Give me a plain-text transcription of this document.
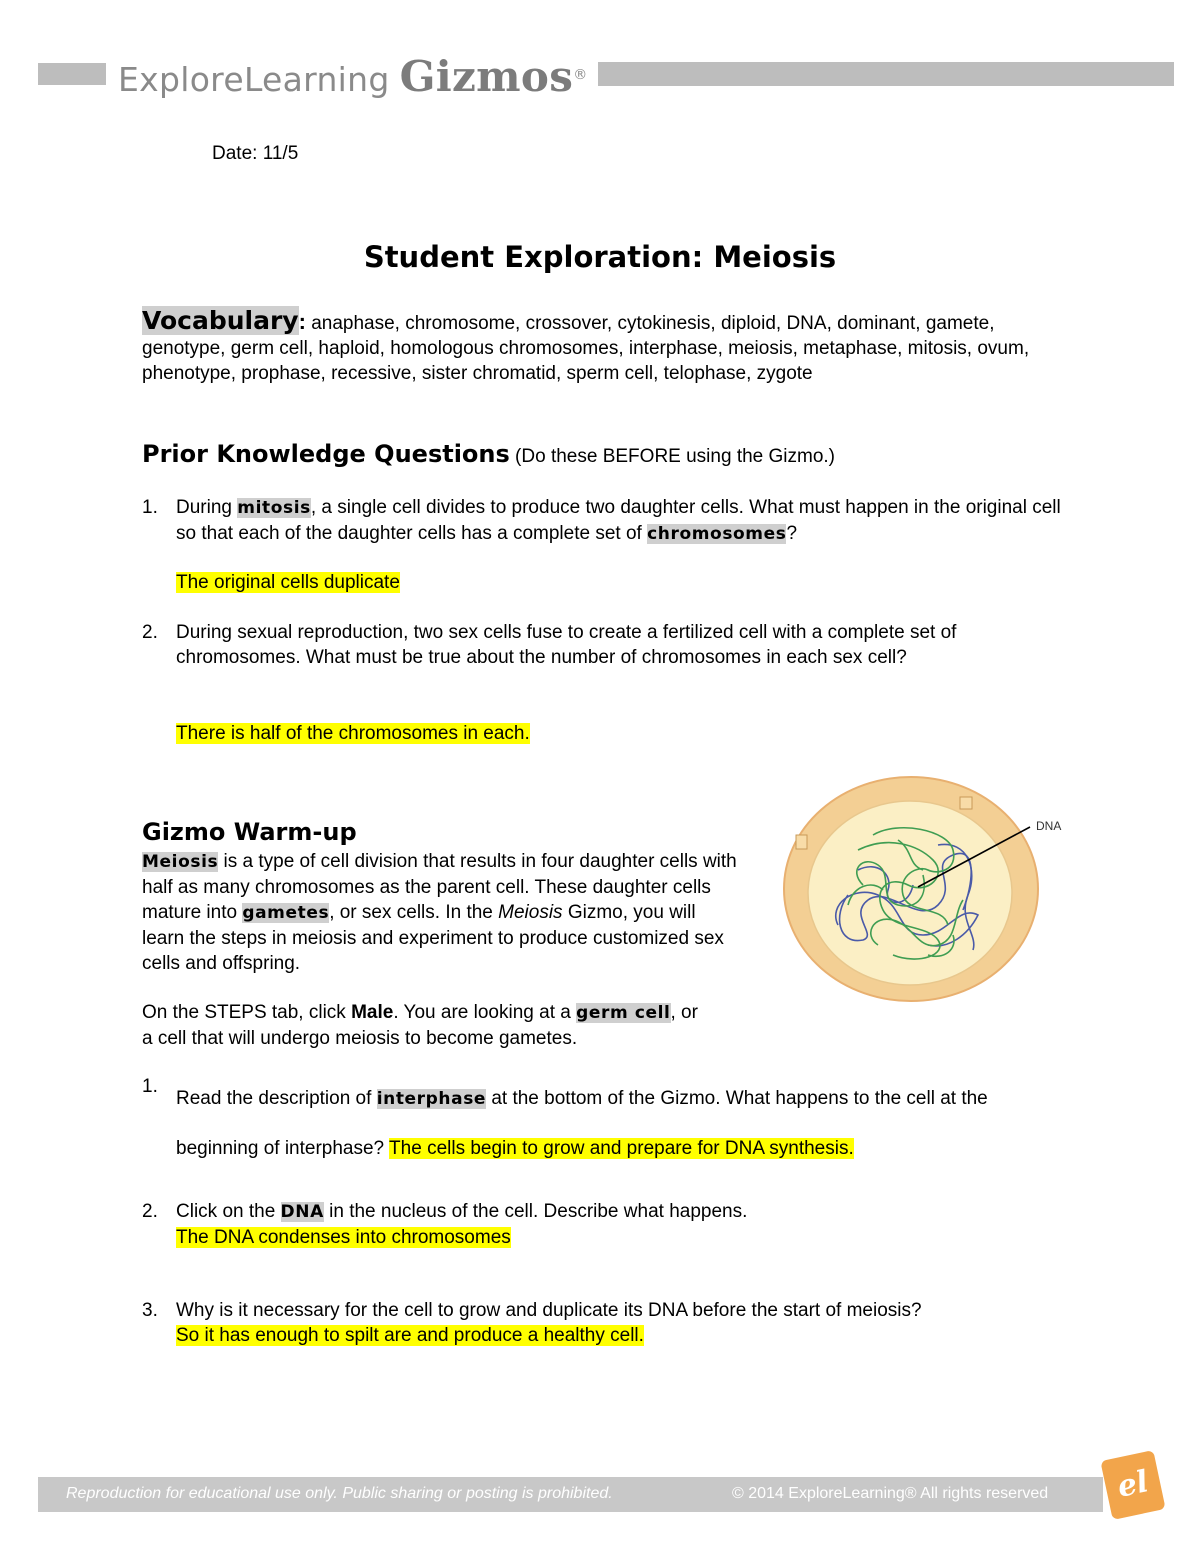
ExploreLearning Gizmos®
Date: 11/5
Student Exploration: Meiosis
Vocabulary: anaphase, chromosome, crossover, cytokinesis, diploid, DNA, dominant, gamete, genotype, germ cell, haploid, homologous chromosomes, interphase, meiosis, metaphase, mitosis, ovum, phenotype, prophase, recessive, sister chromatid, sperm cell, telophase, zygote
Prior Knowledge Questions (Do these BEFORE using the Gizmo.)
1. During mitosis, a single cell divides to produce two daughter cells. What must happen in the original cell so that each of the daughter cells has a complete set of chromosomes?
The original cells duplicate
2. During sexual reproduction, two sex cells fuse to create a fertilized cell with a complete set of chromosomes. What must be true about the number of chromosomes in each sex cell?
There is half of the chromosomes in each.
Gizmo Warm-up
Meiosis is a type of cell division that results in four daughter cells with half as many chromosomes as the parent cell. These daughter cells mature into gametes, or sex cells. In the Meiosis Gizmo, you will learn the steps in meiosis and experiment to produce customized sex cells and offspring.
On the STEPS tab, click Male. You are looking at a germ cell, or a cell that will undergo meiosis to become gametes.
DNA
1.
Read the description of interphase at the bottom of the Gizmo. What happens to the cell at the beginning of interphase? The cells begin to grow and prepare for DNA synthesis.
2. Click on the DNA in the nucleus of the cell. Describe what happens.
The DNA condenses into chromosomes
3. Why is it necessary for the cell to grow and duplicate its DNA before the start of meiosis?
So it has enough to spilt are and produce a healthy cell.
Reproduction for educational use only. Public sharing or posting is prohibited.	© 2014 ExploreLearning® All rights reserved	el
